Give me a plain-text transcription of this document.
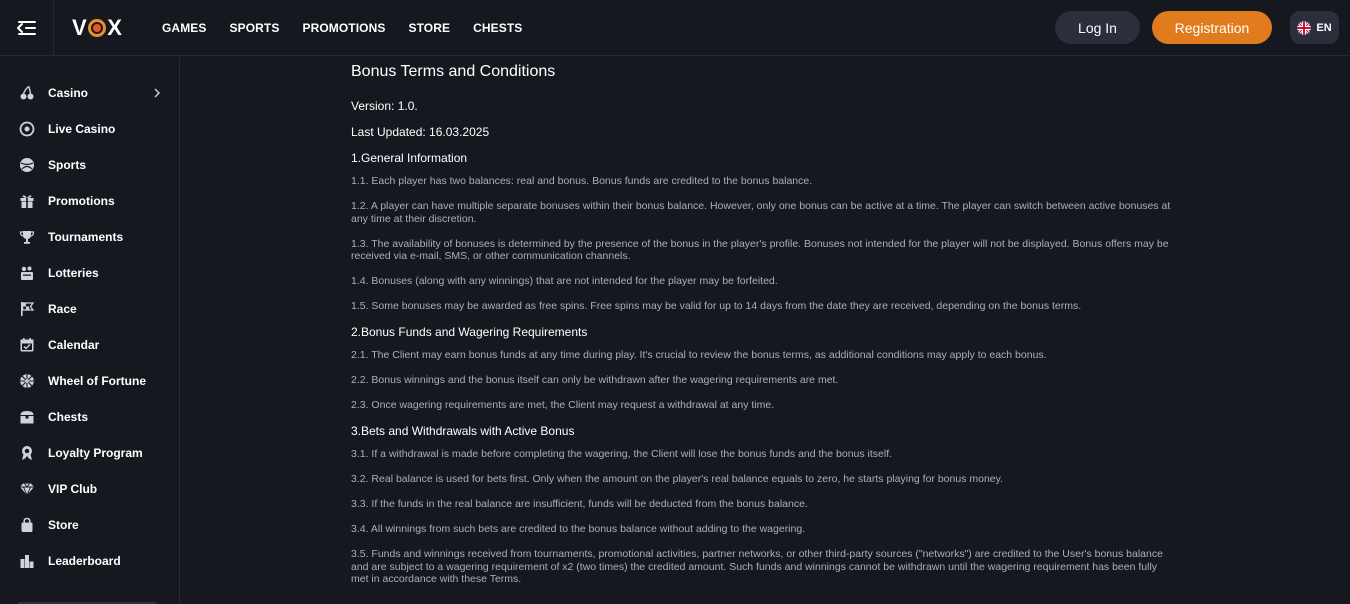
V X	GAMES SPORTS PROMOTIONS STORE CHESTS	Log In	Registration	EN
Casino
Live Casino
Sports
Promotions
Tournaments
Lotteries
Race
Calendar
Wheel of Fortune
Chests
Loyalty Program
VIP Club
Store
Leaderboard
Bonus Terms and Conditions

Version: 1.0.

Last Updated: 16.03.2025

1.General Information

1.1. Each player has two balances: real and bonus. Bonus funds are credited to the bonus balance.

1.2. A player can have multiple separate bonuses within their bonus balance. However, only one bonus can be active at a time. The player can switch between active bonuses at any time at their discretion.

1.3. The availability of bonuses is determined by the presence of the bonus in the player's profile. Bonuses not intended for the player will not be displayed. Bonus offers may be received via e-mail, SMS, or other communication channels.

1.4. Bonuses (along with any winnings) that are not intended for the player may be forfeited.

1.5. Some bonuses may be awarded as free spins. Free spins may be valid for up to 14 days from the date they are received, depending on the bonus terms.

2.Bonus Funds and Wagering Requirements

2.1. The Client may earn bonus funds at any time during play. It's crucial to review the bonus terms, as additional conditions may apply to each bonus.

2.2. Bonus winnings and the bonus itself can only be withdrawn after the wagering requirements are met.

2.3. Once wagering requirements are met, the Client may request a withdrawal at any time.

3.Bets and Withdrawals with Active Bonus

3.1. If a withdrawal is made before completing the wagering, the Client will lose the bonus funds and the bonus itself.

3.2. Real balance is used for bets first. Only when the amount on the player's real balance equals to zero, he starts playing for bonus money.

3.3. If the funds in the real balance are insufficient, funds will be deducted from the bonus balance.

3.4. All winnings from such bets are credited to the bonus balance without adding to the wagering.

3.5. Funds and winnings received from tournaments, promotional activities, partner networks, or other third-party sources ("networks") are credited to the User's bonus balance and are subject to a wagering requirement of x2 (two times) the credited amount. Such funds and winnings cannot be withdrawn until the wagering requirement has been fully met in accordance with these Terms.
